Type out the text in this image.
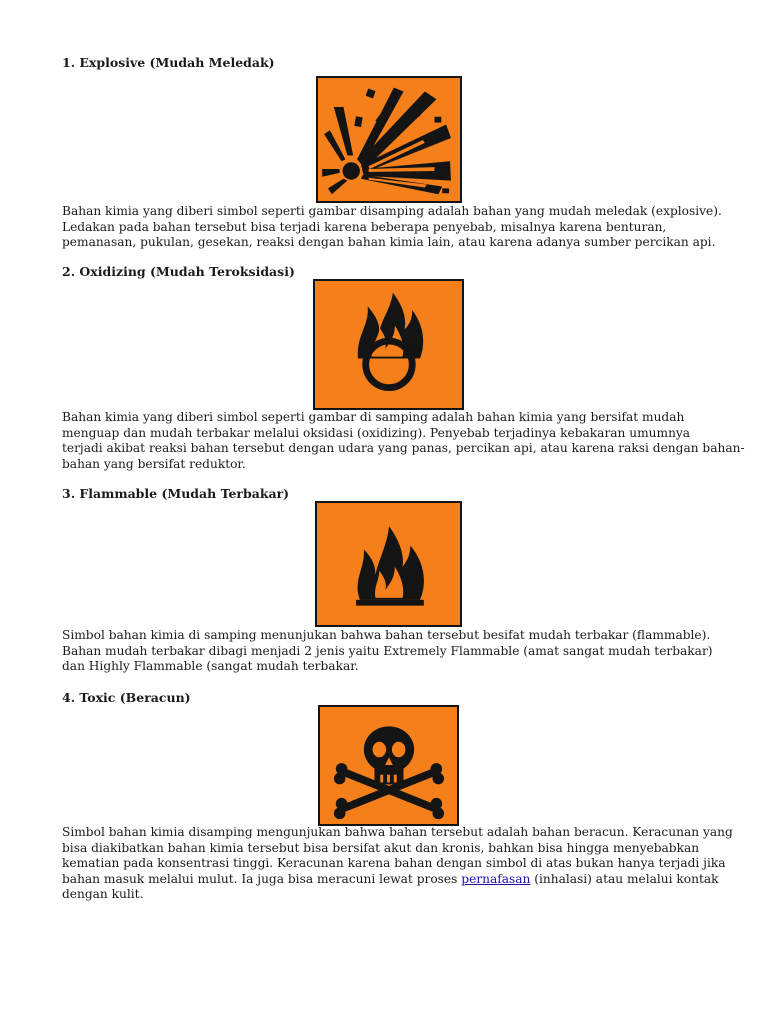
1. Explosive (Mudah Meledak)

Bahan kimia yang diberi simbol seperti gambar disamping adalah bahan yang mudah meledak (explosive).
Ledakan pada bahan tersebut bisa terjadi karena beberapa penyebab, misalnya karena benturan,
pemanasan, pukulan, gesekan, reaksi dengan bahan kimia lain, atau karena adanya sumber percikan api.

2. Oxidizing (Mudah Teroksidasi)

Bahan kimia yang diberi simbol seperti gambar di samping adalah bahan kimia yang bersifat mudah
menguap dan mudah terbakar melalui oksidasi (oxidizing). Penyebab terjadinya kebakaran umumnya
terjadi akibat reaksi bahan tersebut dengan udara yang panas, percikan api, atau karena raksi dengan bahan-
bahan yang bersifat reduktor.

3. Flammable (Mudah Terbakar)

Simbol bahan kimia di samping menunjukan bahwa bahan tersebut besifat mudah terbakar (flammable).
Bahan mudah terbakar dibagi menjadi 2 jenis yaitu Extremely Flammable (amat sangat mudah terbakar)
dan Highly Flammable (sangat mudah terbakar.

4. Toxic (Beracun)

Simbol bahan kimia disamping mengunjukan bahwa bahan tersebut adalah bahan beracun. Keracunan yang
bisa diakibatkan bahan kimia tersebut bisa bersifat akut dan kronis, bahkan bisa hingga menyebabkan
kematian pada konsentrasi tinggi. Keracunan karena bahan dengan simbol di atas bukan hanya terjadi jika
bahan masuk melalui mulut. Ia juga bisa meracuni lewat proses pernafasan (inhalasi) atau melalui kontak
dengan kulit.
